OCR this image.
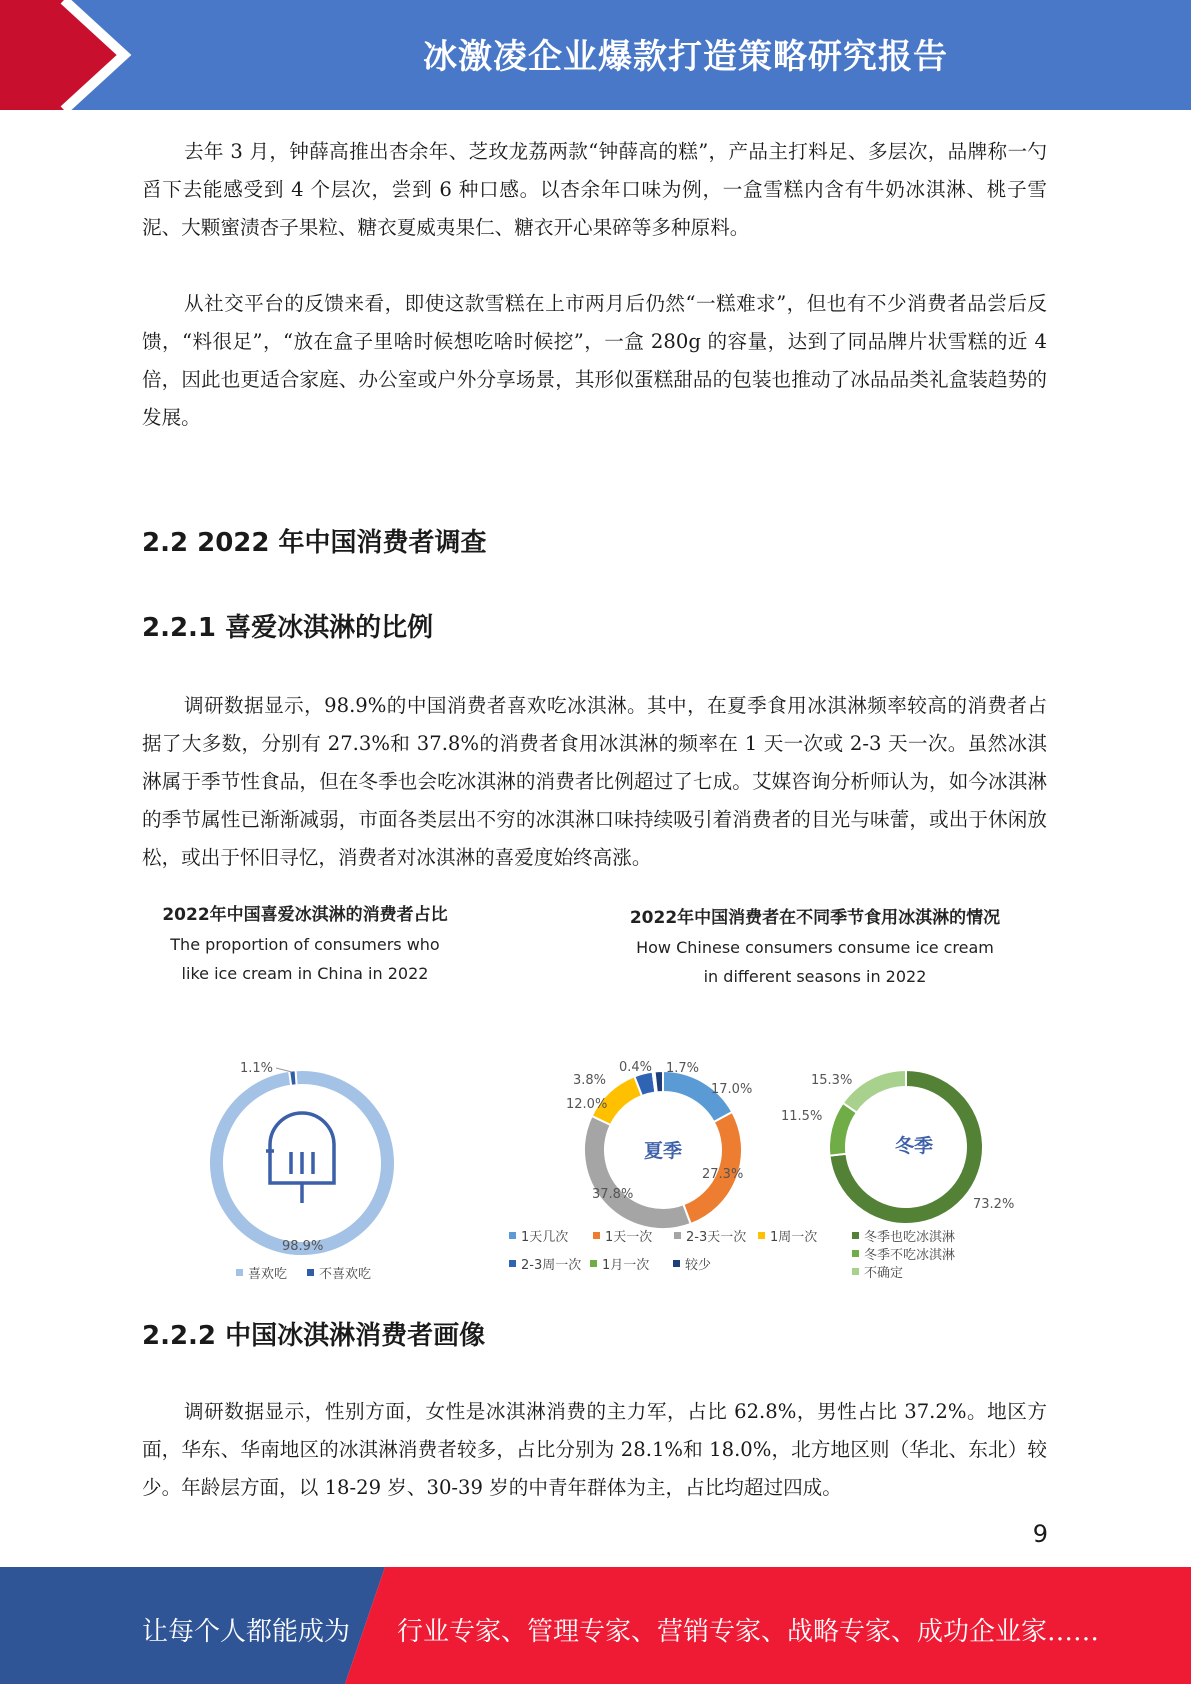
冰激凌企业爆款打造策略研究报告

去年 3 月，钟薛高推出杏余年、芝玫龙荔两款“钟薛高的糕”，产品主打料足、多层次，品牌称一勺舀下去能感受到 4 个层次，尝到 6 种口感。以杏余年口味为例，一盒雪糕内含有牛奶冰淇淋、桃子雪泥、大颗蜜渍杏子果粒、糖衣夏威夷果仁、糖衣开心果碎等多种原料。

从社交平台的反馈来看，即使这款雪糕在上市两月后仍然“一糕难求”，但也有不少消费者品尝后反馈，“料很足”，“放在盒子里啥时候想吃啥时候挖”，一盒 280g 的容量，达到了同品牌片状雪糕的近 4 倍，因此也更适合家庭、办公室或户外分享场景，其形似蛋糕甜品的包装也推动了冰品品类礼盒装趋势的发展。

2.2 2022 年中国消费者调查
2.2.1 喜爱冰淇淋的比例

调研数据显示，98.9%的中国消费者喜欢吃冰淇淋。其中，在夏季食用冰淇淋频率较高的消费者占据了大多数，分别有 27.3%和 37.8%的消费者食用冰淇淋的频率在 1 天一次或 2-3 天一次。虽然冰淇淋属于季节性食品，但在冬季也会吃冰淇淋的消费者比例超过了七成。艾媒咨询分析师认为，如今冰淇淋的季节属性已渐渐减弱，市面各类层出不穷的冰淇淋口味持续吸引着消费者的目光与味蕾，或出于休闲放松，或出于怀旧寻忆，消费者对冰淇淋的喜爱度始终高涨。

2022年中国喜爱冰淇淋的消费者占比
The proportion of consumers who
like ice cream in China in 2022
2022年中国消费者在不同季节食用冰淇淋的情况
How Chinese consumers consume ice cream
in different seasons in 2022
1.1%
98.9%
喜欢吃 不喜欢吃
夏季
17.0%
27.3%
37.8%
12.0%
3.8%
0.4% 1.7%
1天几次	1天一次	2-3天一次 1周一次
2-3周一次 1月一次	较少
冬季
73.2%
11.5%
15.3%
冬季也吃冰淇淋
冬季不吃冰淇淋
不确定
2.2.2 中国冰淇淋消费者画像

调研数据显示，性别方面，女性是冰淇淋消费的主力军，占比 62.8%，男性占比 37.2%。地区方面，华东、华南地区的冰淇淋消费者较多，占比分别为 28.1%和 18.0%，北方地区则（华北、东北）较少。年龄层方面，以 18-29 岁、30-39 岁的中青年群体为主，占比均超过四成。

9
让每个人都能成为 行业专家、管理专家、营销专家、战略专家、成功企业家……
